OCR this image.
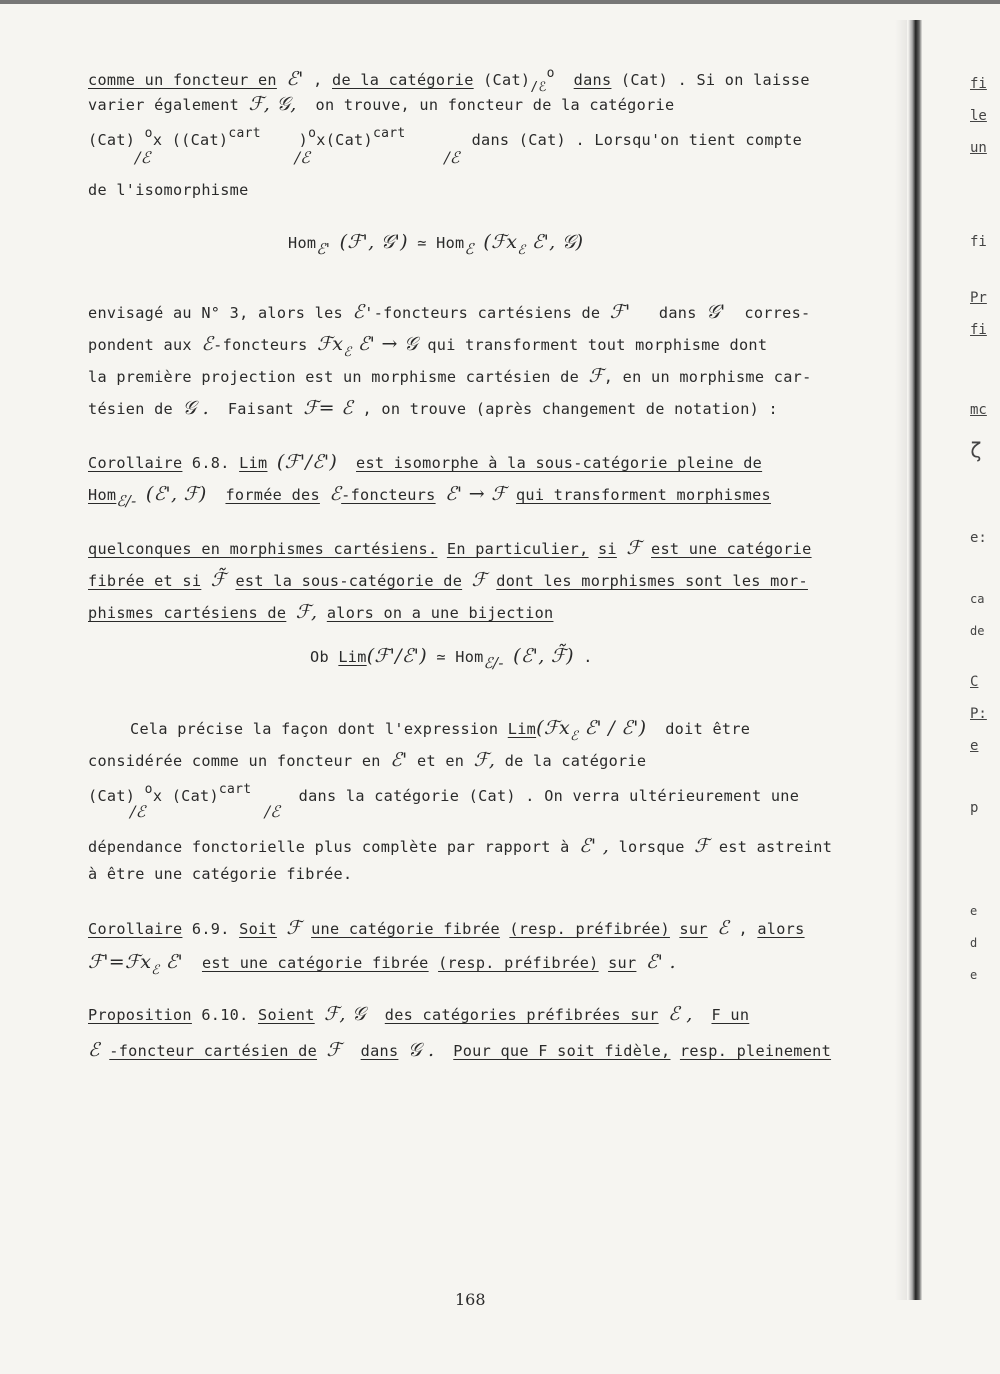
comme un foncteur en ℰ' , de la catégorie (Cat)/ℰo dans (Cat) . Si on laisse
varier également ℱ, 𝒢, on trouve, un foncteur de la catégorie
(Cat) ox ((Cat)cart )ox(Cat)cart	dans (Cat) . Lorsqu'on tient compte
/ℰ	/ℰ	/ℰ
de l'isomorphisme
Homℰ' (ℱ', 𝒢') ≃ Homℰ (ℱx$_ℰ$ ℰ', 𝒢)
envisagé au N° 3, alors les ℰ'-foncteurs cartésiens de ℱ' dans 𝒢' corres-
pondent aux ℰ-foncteurs ℱx$_ℰ$ ℰ' → 𝒢 qui transforment tout morphisme dont
la première projection est un morphisme cartésien de ℱ, en un morphisme car-
tésien de 𝒢 . Faisant ℱ= ℰ , on trouve (après changement de notation) :
Corollaire 6.8. Lim (ℱ'/ℰ') est isomorphe à la sous-catégorie pleine de
Homℰ/- (ℰ', ℱ) formée des ℰ-foncteurs ℰ' → ℱ qui transforment morphismes
quelconques en morphismes cartésiens. En particulier, si ℱ est une catégorie
fibrée et si ℱ̃ est la sous-catégorie de ℱ dont les morphismes sont les mor-
phismes cartésiens de ℱ, alors on a une bijection
Ob Lim(ℱ'/ℰ') ≃ Homℰ/- (ℰ', ℱ̃) .
Cela précise la façon dont l'expression Lim(ℱx$_ℰ$ ℰ' / ℰ') doit être
considérée comme un foncteur en ℰ' et en ℱ, de la catégorie
(Cat) ox (Cat)cart	dans la catégorie (Cat) . On verra ultérieurement une
/ℰ	/ℰ
dépendance fonctorielle plus complète par rapport à ℰ' , lorsque ℱ est astreint
à être une catégorie fibrée.
Corollaire 6.9. Soit ℱ une catégorie fibrée (resp. préfibrée) sur ℰ , alors
ℱ'=ℱx$_ℰ$ ℰ' est une catégorie fibrée (resp. préfibrée) sur ℰ' .
Proposition 6.10. Soient ℱ, 𝒢 des catégories préfibrées sur ℰ , F un
ℰ -foncteur cartésien de ℱ dans 𝒢 . Pour que F soit fidèle, resp. pleinement
168
fi
le
un
fi
Pr
fi
mc
ζ
e:
ca
de
C
P:
e
p
e
d
e
